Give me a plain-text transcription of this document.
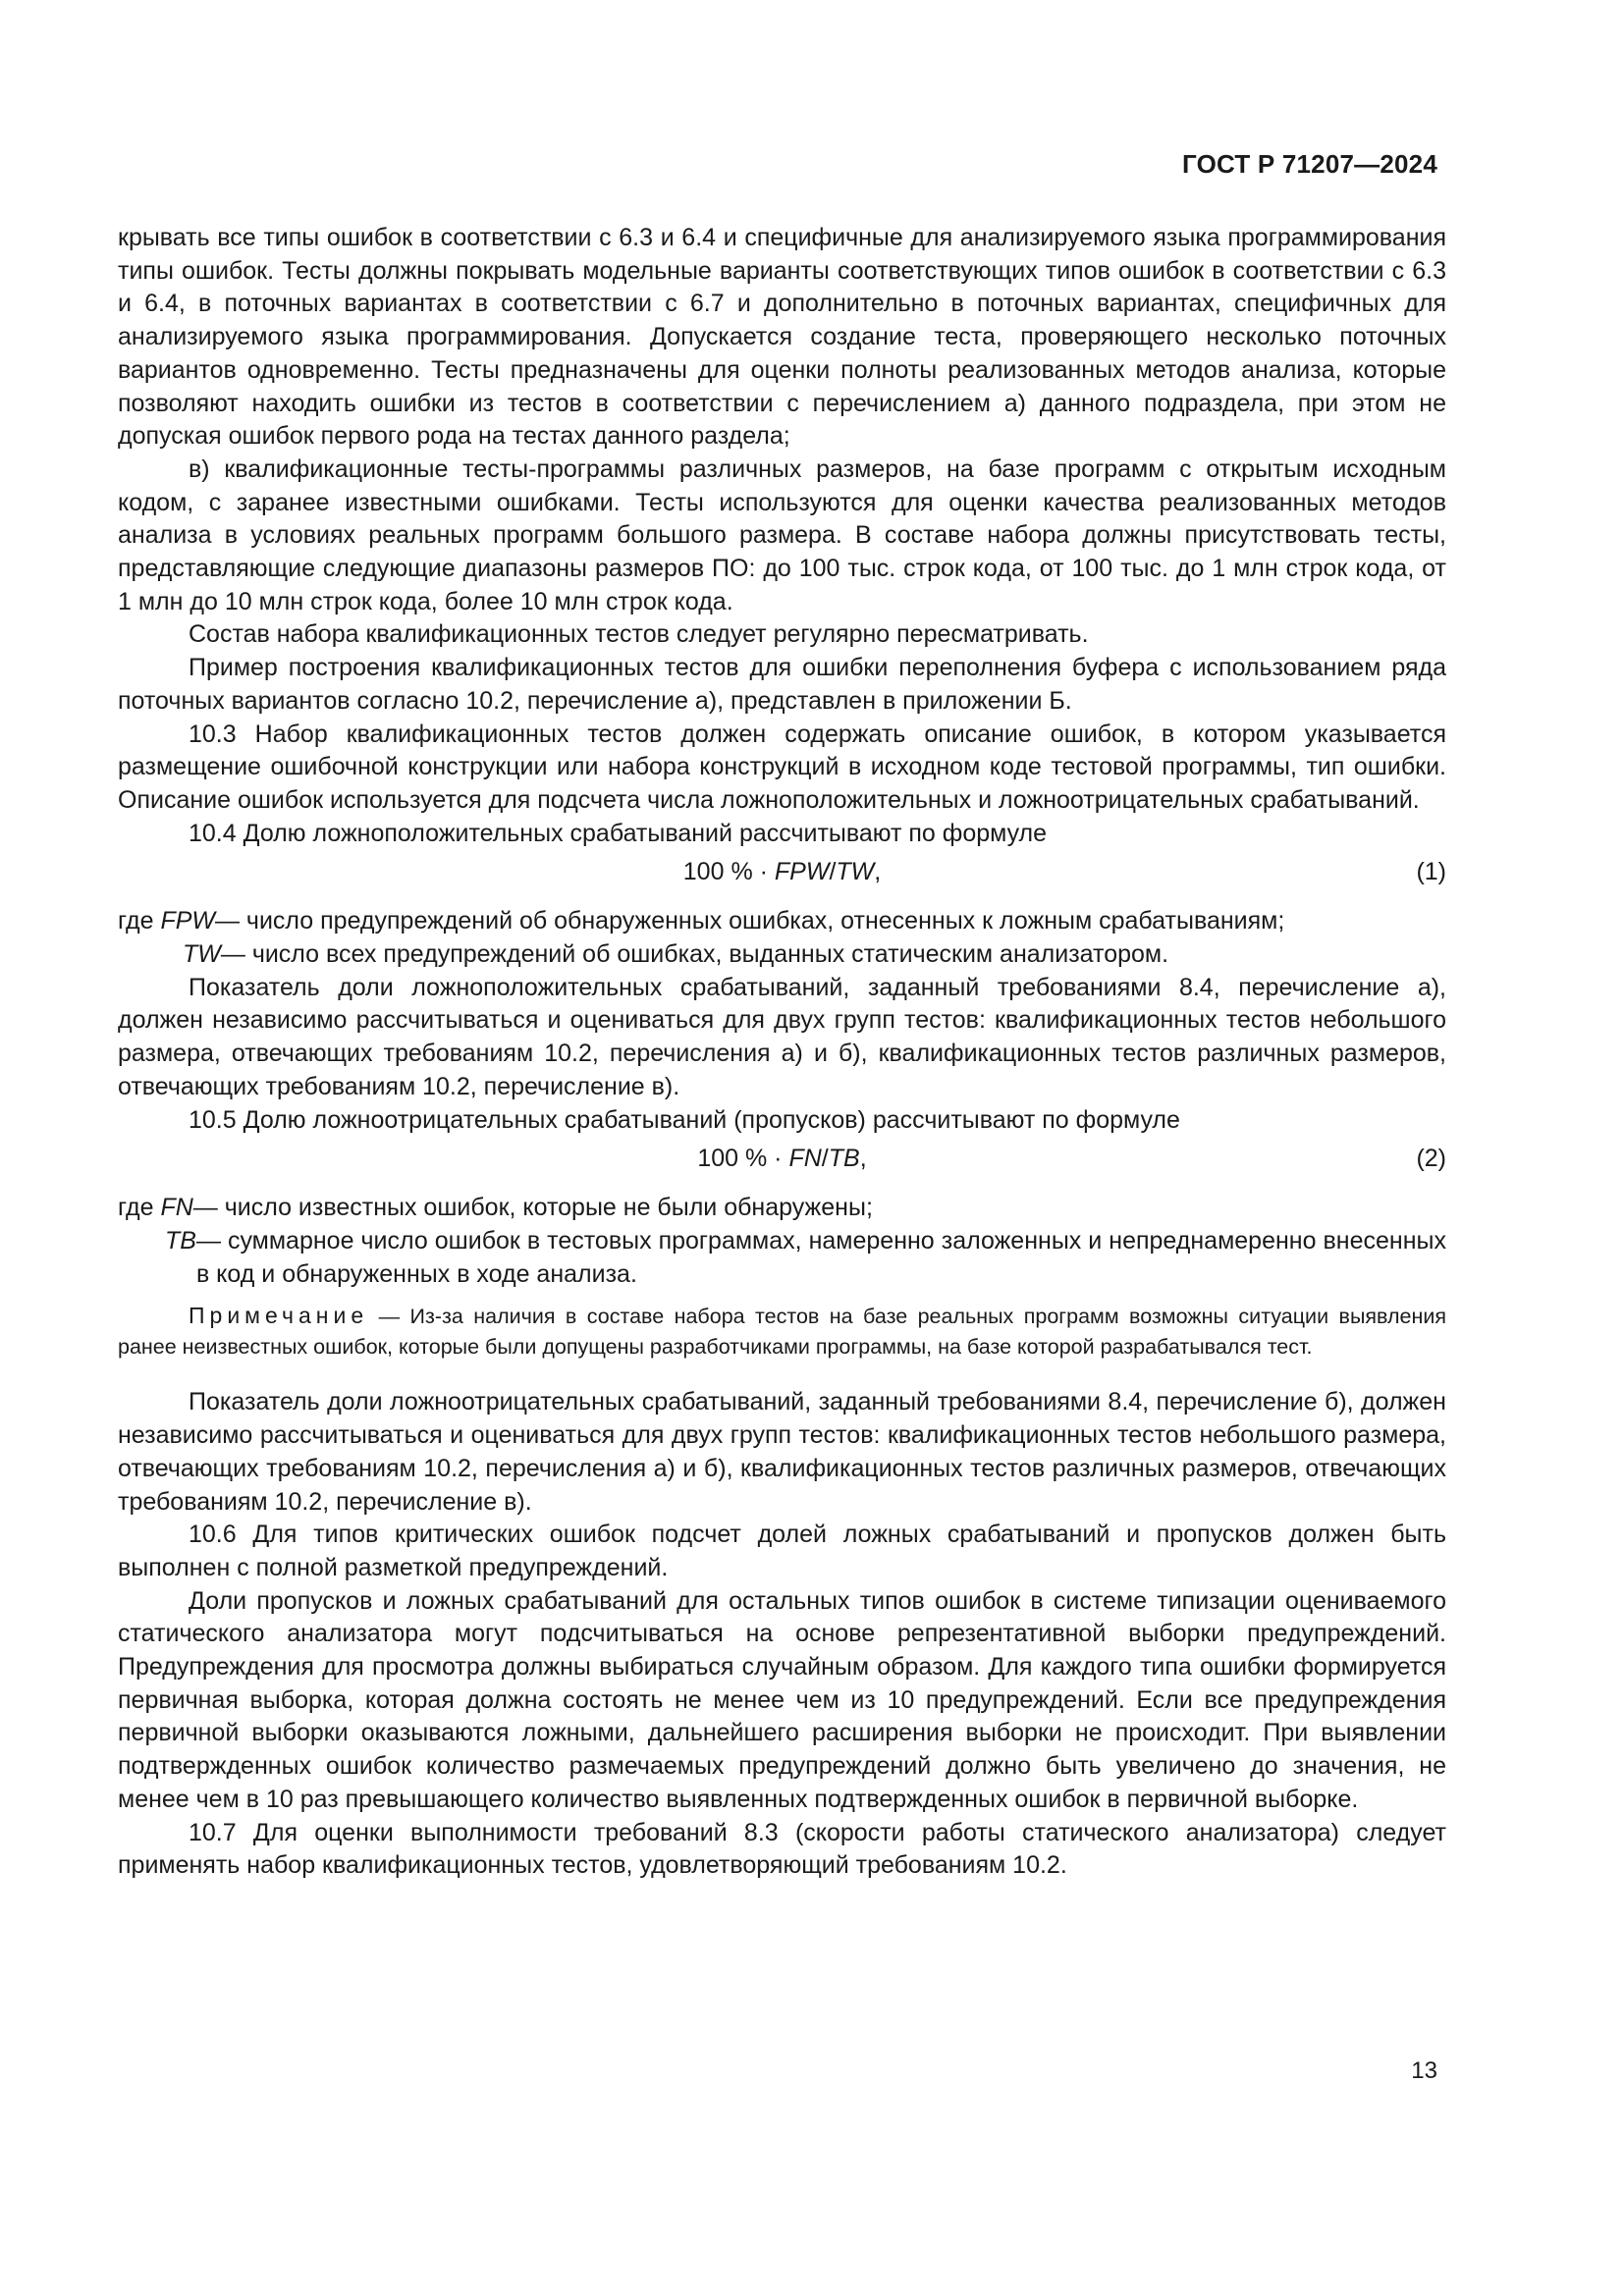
ГОСТ Р 71207—2024

крывать все типы ошибок в соответствии с 6.3 и 6.4 и специфичные для анализируемого языка программирования типы ошибок. Тесты должны покрывать модельные варианты соответствующих типов ошибок в соответствии с 6.3 и 6.4, в поточных вариантах в соответствии с 6.7 и дополнительно в поточных вариантах, специфичных для анализируемого языка программирования. Допускается создание теста, проверяющего несколько поточных вариантов одновременно. Тесты предназначены для оценки полноты реализованных методов анализа, которые позволяют находить ошибки из тестов в соответствии с перечислением а) данного подраздела, при этом не допуская ошибок первого рода на тестах данного раздела;

в) квалификационные тесты-программы различных размеров, на базе программ с открытым исходным кодом, с заранее известными ошибками. Тесты используются для оценки качества реализованных методов анализа в условиях реальных программ большого размера. В составе набора должны присутствовать тесты, представляющие следующие диапазоны размеров ПО: до 100 тыс. строк кода, от 100 тыс. до 1 млн строк кода, от 1 млн до 10 млн строк кода, более 10 млн строк кода.

Состав набора квалификационных тестов следует регулярно пересматривать.

Пример построения квалификационных тестов для ошибки переполнения буфера с использованием ряда поточных вариантов согласно 10.2, перечисление а), представлен в приложении Б.

10.3 Набор квалификационных тестов должен содержать описание ошибок, в котором указывается размещение ошибочной конструкции или набора конструкций в исходном коде тестовой программы, тип ошибки. Описание ошибок используется для подсчета числа ложноположительных и ложноотрицательных срабатываний.

10.4 Долю ложноположительных срабатываний рассчитывают по формуле

100 % · FPW/TW,	(1)
где FPW — число предупреждений об обнаруженных ошибках, отнесенных к ложным срабатываниям;
TW — число всех предупреждений об ошибках, выданных статическим анализатором.

Показатель доли ложноположительных срабатываний, заданный требованиями 8.4, перечисление а), должен независимо рассчитываться и оцениваться для двух групп тестов: квалификационных тестов небольшого размера, отвечающих требованиям 10.2, перечисления а) и б), квалификационных тестов различных размеров, отвечающих требованиям 10.2, перечисление в).

10.5 Долю ложноотрицательных срабатываний (пропусков) рассчитывают по формуле

100 % · FN/TB,	(2)
где FN — число известных ошибок, которые не были обнаружены;
TB — суммарное число ошибок в тестовых программах, намеренно заложенных и непреднамеренно внесенных в код и обнаруженных в ходе анализа.
Примечание — Из-за наличия в составе набора тестов на базе реальных программ возможны ситуации выявления ранее неизвестных ошибок, которые были допущены разработчиками программы, на базе которой разрабатывался тест.

Показатель доли ложноотрицательных срабатываний, заданный требованиями 8.4, перечисление б), должен независимо рассчитываться и оцениваться для двух групп тестов: квалификационных тестов небольшого размера, отвечающих требованиям 10.2, перечисления а) и б), квалификационных тестов различных размеров, отвечающих требованиям 10.2, перечисление в).

10.6 Для типов критических ошибок подсчет долей ложных срабатываний и пропусков должен быть выполнен с полной разметкой предупреждений.

Доли пропусков и ложных срабатываний для остальных типов ошибок в системе типизации оцениваемого статического анализатора могут подсчитываться на основе репрезентативной выборки предупреждений. Предупреждения для просмотра должны выбираться случайным образом. Для каждого типа ошибки формируется первичная выборка, которая должна состоять не менее чем из 10 предупреждений. Если все предупреждения первичной выборки оказываются ложными, дальнейшего расширения выборки не происходит. При выявлении подтвержденных ошибок количество размечаемых предупреждений должно быть увеличено до значения, не менее чем в 10 раз превышающего количество выявленных подтвержденных ошибок в первичной выборке.

10.7 Для оценки выполнимости требований 8.3 (скорости работы статического анализатора) следует применять набор квалификационных тестов, удовлетворяющий требованиям 10.2.

13
